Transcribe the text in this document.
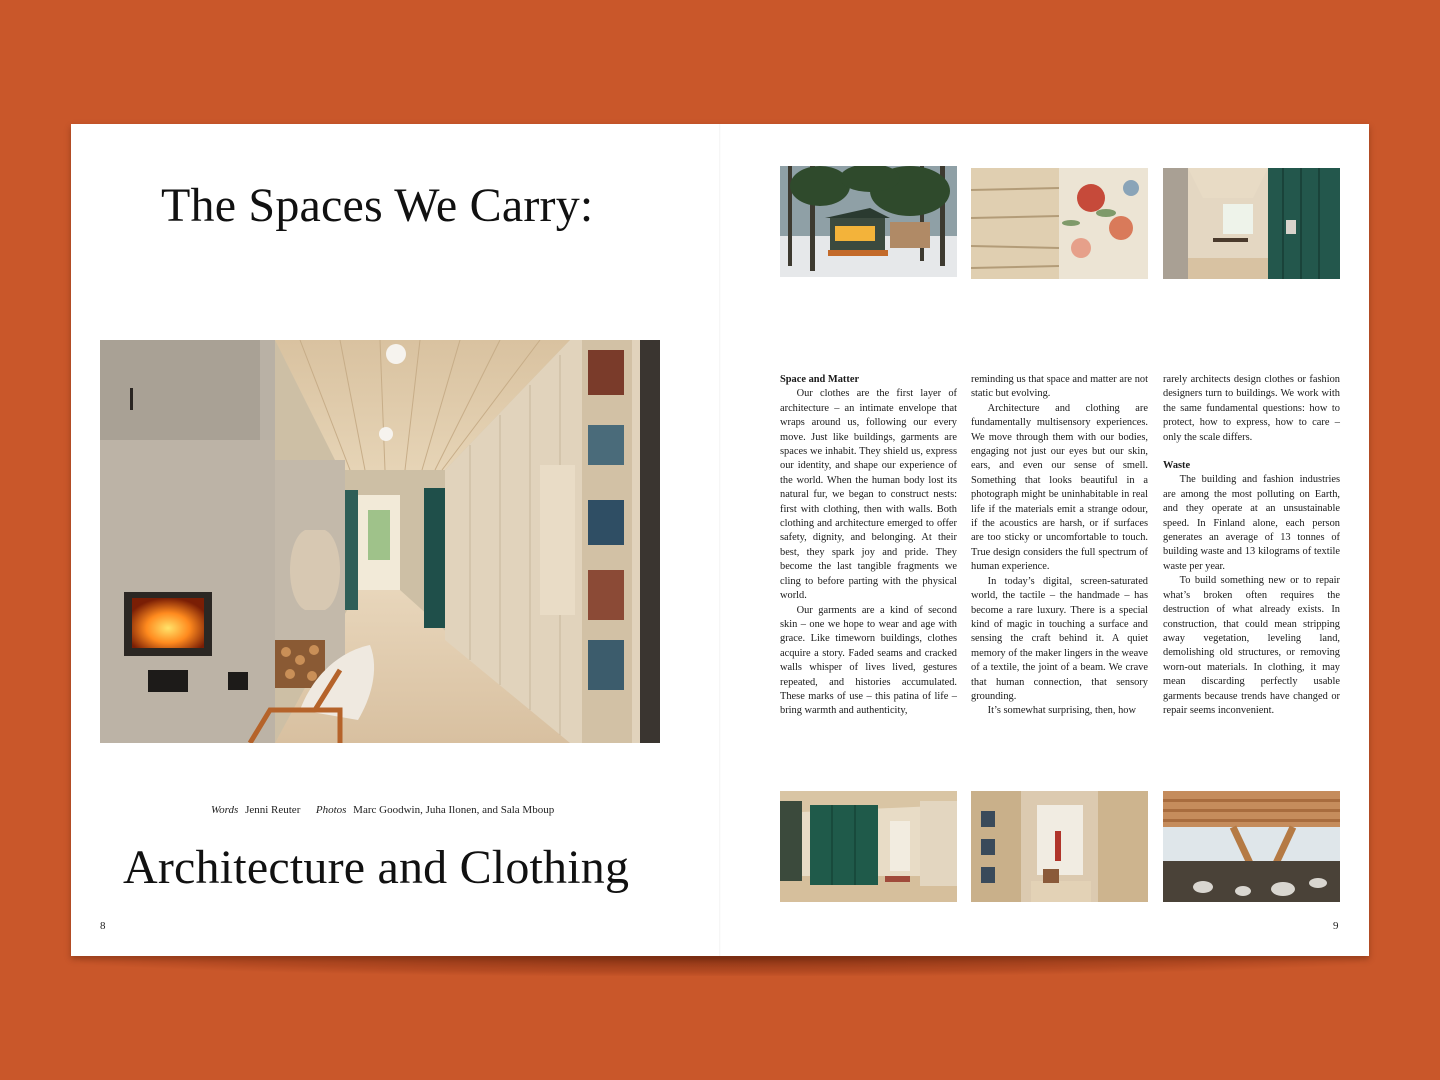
The Spaces We Carry:
Words Jenni Reuter Photos Marc Goodwin, Juha Ilonen, and Sala Mboup
Architecture and Clothing
8
Space and Matter

Our clothes are the first layer of architecture – an intimate envelope that wraps around us, following our every move. Just like buildings, garments are spaces we inhabit. They shield us, express our identity, and shape our experience of the world. When the human body lost its natural fur, we began to construct nests: first with clothing, then with walls. Both clothing and architecture emerged to offer safety, dignity, and belonging. At their best, they spark joy and pride. They become the last tangible fragments we cling to before parting with the physical world.

Our garments are a kind of second skin – one we hope to wear and age with grace. Like timeworn buildings, clothes acquire a story. Faded seams and cracked walls whisper of lives lived, gestures repeated, and histories accumulated. These marks of use – this patina of life – bring warmth and authenticity,

reminding us that space and matter are not static but evolving.

Architecture and clothing are fundamentally multisensory experiences. We move through them with our bodies, engaging not just our eyes but our skin, ears, and even our sense of smell. Something that looks beautiful in a photograph might be uninhabitable in real life if the materials emit a strange odour, if the acoustics are harsh, or if surfaces are too sticky or uncomfortable to touch. True design considers the full spectrum of human experience.

In today’s digital, screen-saturated world, the tactile – the handmade – has become a rare luxury. There is a special kind of magic in touching a surface and sensing the craft behind it. A quiet memory of the maker lingers in the weave of a textile, the joint of a beam. We crave that human connection, that sensory grounding.

It’s somewhat surprising, then, how

rarely architects design clothes or fashion designers turn to buildings. We work with the same fundamental questions: how to protect, how to express, how to care – only the scale differs.

Waste

The building and fashion industries are among the most polluting on Earth, and they operate at an unsustainable speed. In Finland alone, each person generates an average of 13 tonnes of building waste and 13 kilograms of textile waste per year.

To build something new or to repair what’s broken often requires the destruction of what already exists. In construction, that could mean stripping away vegetation, leveling land, demolishing old structures, or removing worn-out materials. In clothing, it may mean discarding perfectly usable garments because trends have changed or repair seems inconvenient.

9
